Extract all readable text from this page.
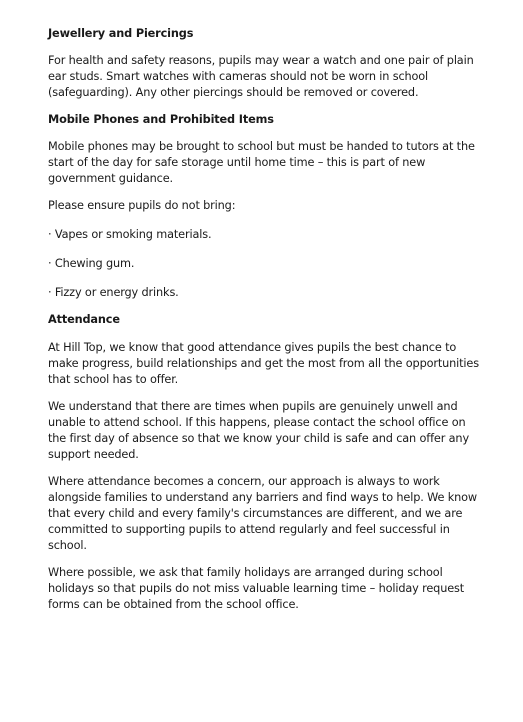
Jewellery and Piercings
For health and safety reasons, pupils may wear a watch and one pair of plain ear studs. Smart watches with cameras should not be worn in school (safeguarding). Any other piercings should be removed or covered.
Mobile Phones and Prohibited Items
Mobile phones may be brought to school but must be handed to tutors at the start of the day for safe storage until home time – this is part of new government guidance.
Please ensure pupils do not bring:
· Vapes or smoking materials.
· Chewing gum.
· Fizzy or energy drinks.
Attendance
At Hill Top, we know that good attendance gives pupils the best chance to make progress, build relationships and get the most from all the opportunities that school has to offer.
We understand that there are times when pupils are genuinely unwell and unable to attend school. If this happens, please contact the school office on the first day of absence so that we know your child is safe and can offer any support needed.
Where attendance becomes a concern, our approach is always to work alongside families to understand any barriers and find ways to help. We know that every child and every family's circumstances are different, and we are committed to supporting pupils to attend regularly and feel successful in school.
Where possible, we ask that family holidays are arranged during school holidays so that pupils do not miss valuable learning time – holiday request forms can be obtained from the school office.
